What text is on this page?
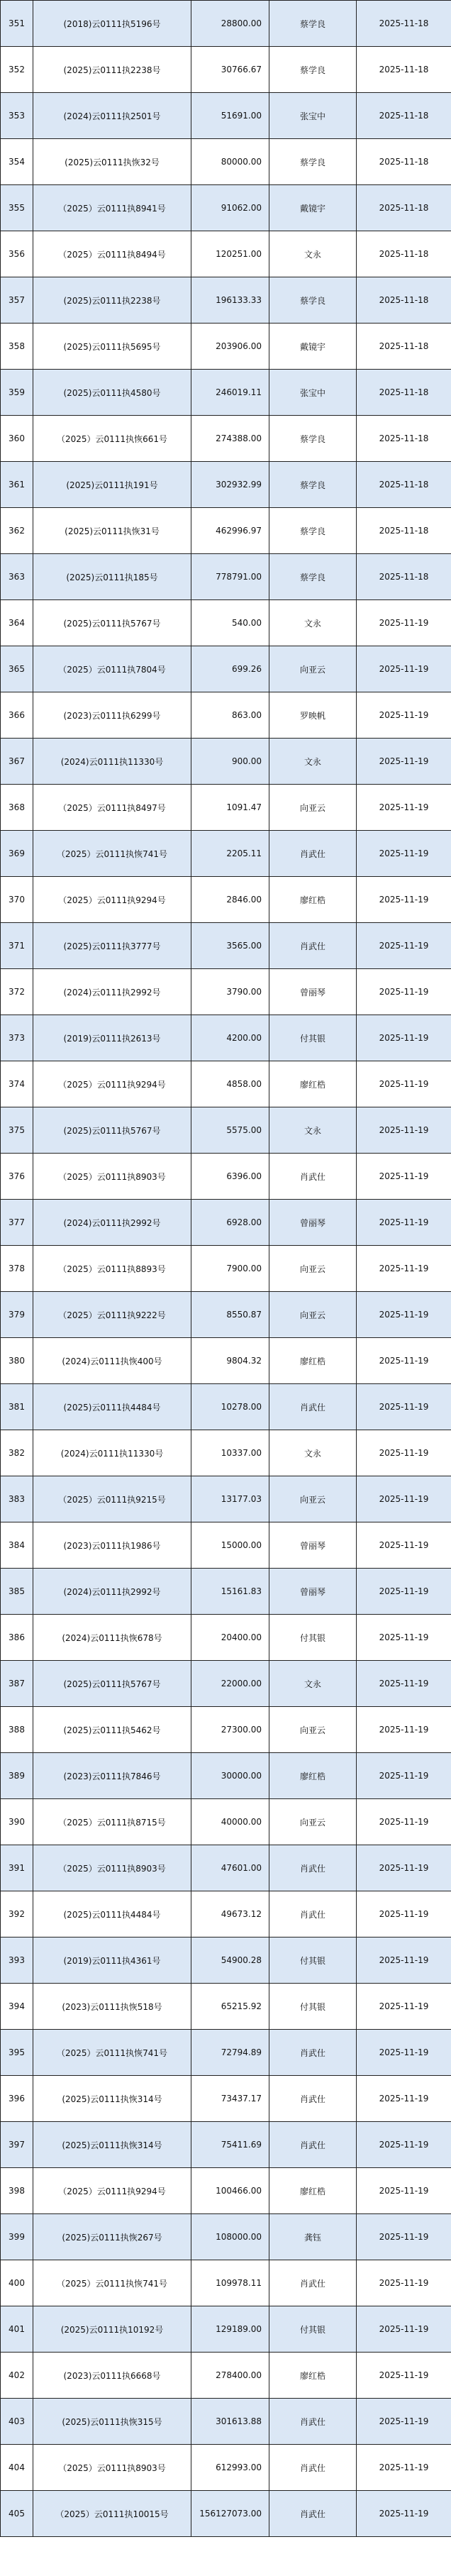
351	(2018)云0111执5196号	28800.00	蔡学良	2025-11-18
352	(2025)云0111执2238号	30766.67	蔡学良	2025-11-18
353	(2024)云0111执2501号	51691.00	张宝中	2025-11-18
354	(2025)云0111执恢32号	80000.00	蔡学良	2025-11-18
355	（2025）云0111执8941号	91062.00	戴镜宇	2025-11-18
356	（2025）云0111执8494号	120251.00	文永	2025-11-18
357	(2025)云0111执2238号	196133.33	蔡学良	2025-11-18
358	(2025)云0111执5695号	203906.00	戴镜宇	2025-11-18
359	(2025)云0111执4580号	246019.11	张宝中	2025-11-18
360	（2025）云0111执恢661号	274388.00	蔡学良	2025-11-18
361	(2025)云0111执191号	302932.99	蔡学良	2025-11-18
362	(2025)云0111执恢31号	462996.97	蔡学良	2025-11-18
363	(2025)云0111执185号	778791.00	蔡学良	2025-11-18
364	(2025)云0111执5767号	540.00	文永	2025-11-19
365	（2025）云0111执7804号	699.26	向亚云	2025-11-19
366	(2023)云0111执6299号	863.00	罗映帆	2025-11-19
367	(2024)云0111执11330号	900.00	文永	2025-11-19
368	（2025）云0111执8497号	1091.47	向亚云	2025-11-19
369	（2025）云0111执恢741号	2205.11	肖武仕	2025-11-19
370	（2025）云0111执9294号	2846.00	廖红梏	2025-11-19
371	(2025)云0111执3777号	3565.00	肖武仕	2025-11-19
372	(2024)云0111执2992号	3790.00	曾丽琴	2025-11-19
373	(2019)云0111执2613号	4200.00	付其银	2025-11-19
374	（2025）云0111执9294号	4858.00	廖红梏	2025-11-19
375	(2025)云0111执5767号	5575.00	文永	2025-11-19
376	（2025）云0111执8903号	6396.00	肖武仕	2025-11-19
377	(2024)云0111执2992号	6928.00	曾丽琴	2025-11-19
378	（2025）云0111执8893号	7900.00	向亚云	2025-11-19
379	（2025）云0111执9222号	8550.87	向亚云	2025-11-19
380	(2024)云0111执恢400号	9804.32	廖红梏	2025-11-19
381	(2025)云0111执4484号	10278.00	肖武仕	2025-11-19
382	(2024)云0111执11330号	10337.00	文永	2025-11-19
383	（2025）云0111执9215号	13177.03	向亚云	2025-11-19
384	(2023)云0111执1986号	15000.00	曾丽琴	2025-11-19
385	(2024)云0111执2992号	15161.83	曾丽琴	2025-11-19
386	(2024)云0111执恢678号	20400.00	付其银	2025-11-19
387	(2025)云0111执5767号	22000.00	文永	2025-11-19
388	(2025)云0111执5462号	27300.00	向亚云	2025-11-19
389	(2023)云0111执7846号	30000.00	廖红梏	2025-11-19
390	（2025）云0111执8715号	40000.00	向亚云	2025-11-19
391	（2025）云0111执8903号	47601.00	肖武仕	2025-11-19
392	(2025)云0111执4484号	49673.12	肖武仕	2025-11-19
393	(2019)云0111执4361号	54900.28	付其银	2025-11-19
394	(2023)云0111执恢518号	65215.92	付其银	2025-11-19
395	（2025）云0111执恢741号	72794.89	肖武仕	2025-11-19
396	(2025)云0111执恢314号	73437.17	肖武仕	2025-11-19
397	(2025)云0111执恢314号	75411.69	肖武仕	2025-11-19
398	（2025）云0111执9294号	100466.00	廖红梏	2025-11-19
399	(2025)云0111执恢267号	108000.00	龚钰	2025-11-19
400	（2025）云0111执恢741号	109978.11	肖武仕	2025-11-19
401	(2025)云0111执10192号	129189.00	付其银	2025-11-19
402	(2023)云0111执6668号	278400.00	廖红梏	2025-11-19
403	(2025)云0111执恢315号	301613.88	肖武仕	2025-11-19
404	（2025）云0111执8903号	612993.00	肖武仕	2025-11-19
405	（2025）云0111执10015号	156127073.00	肖武仕	2025-11-19
